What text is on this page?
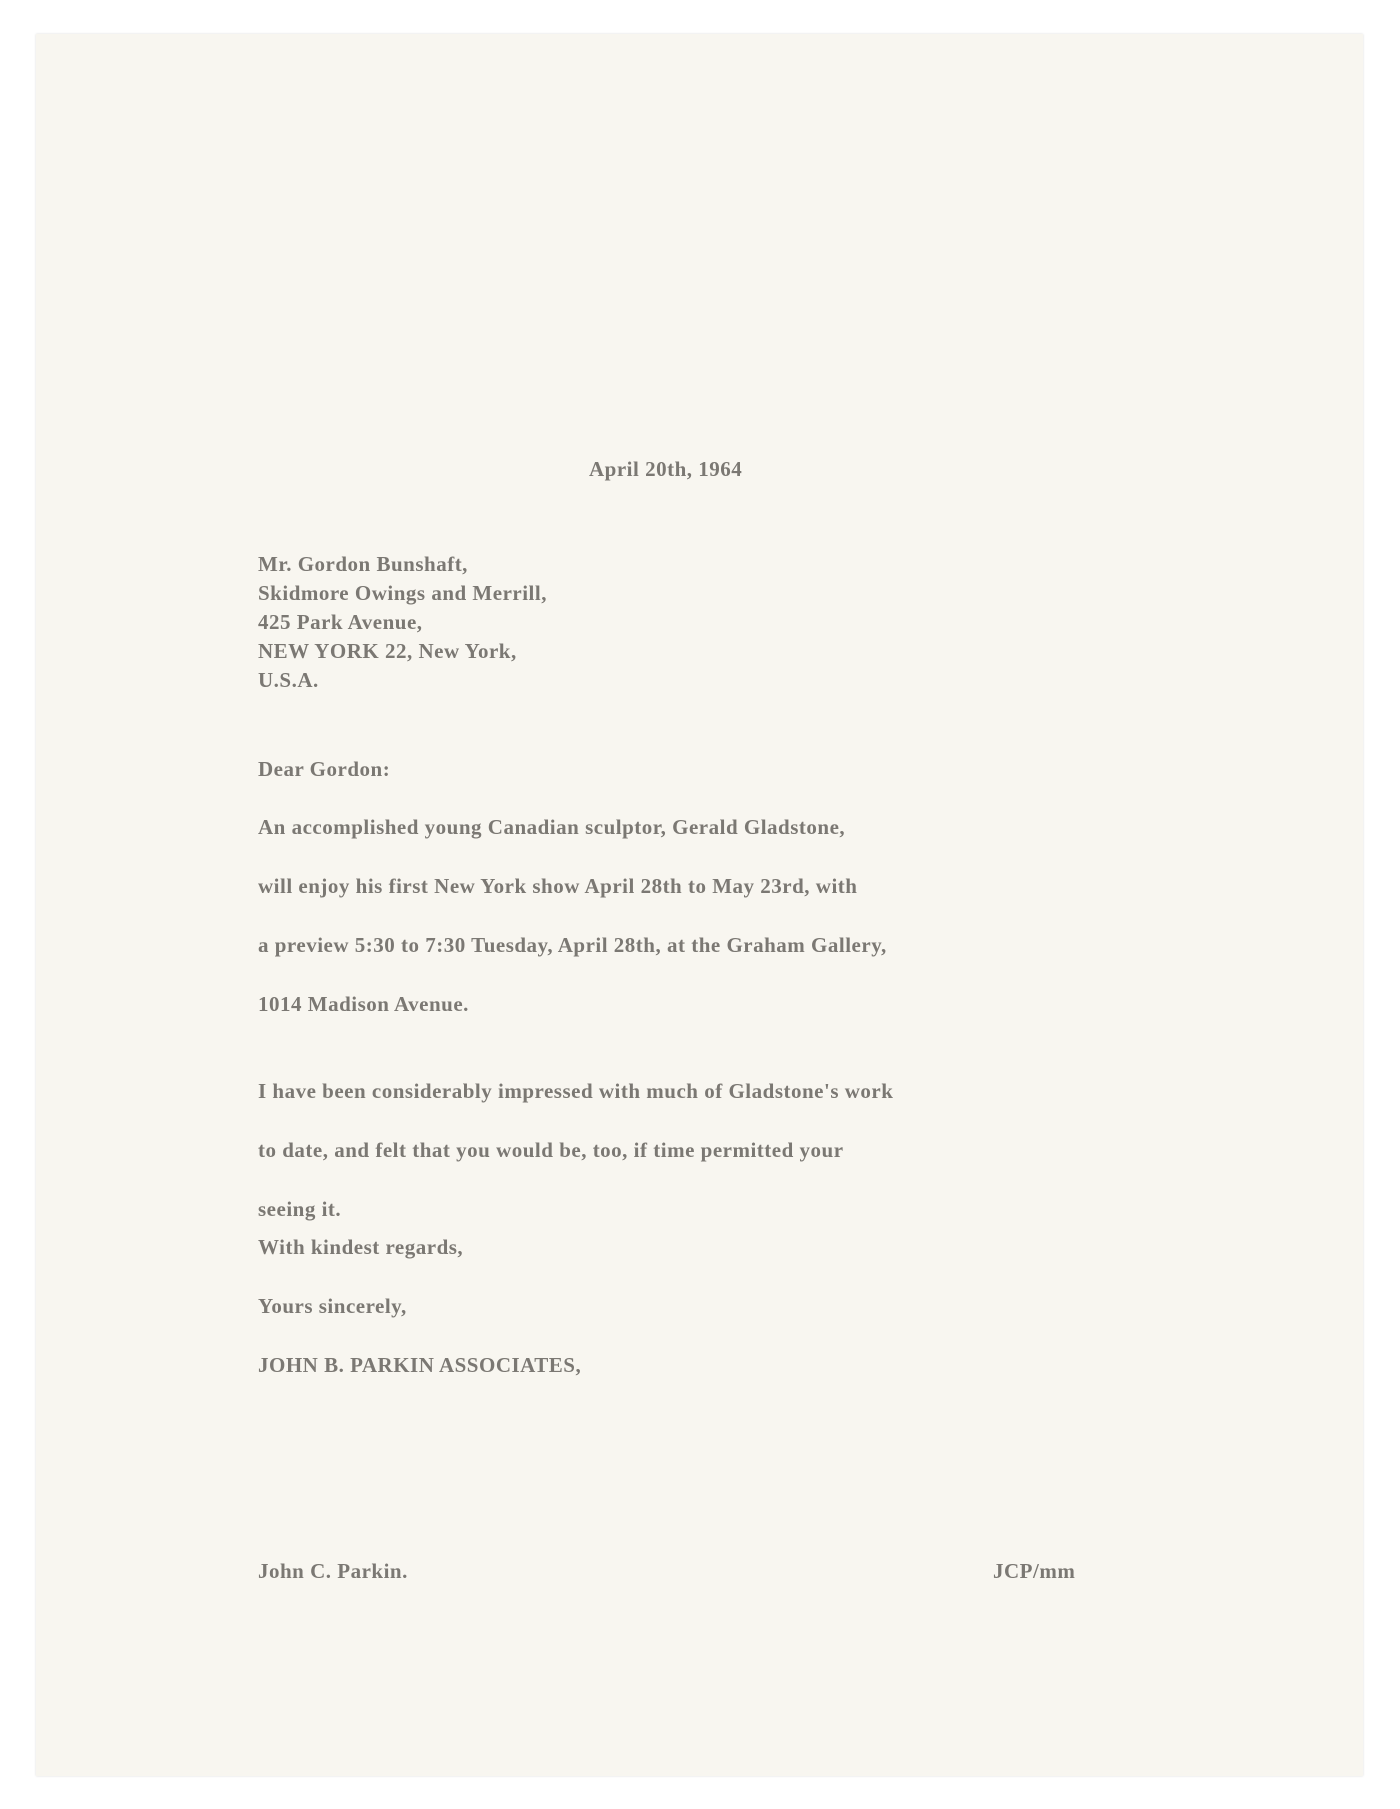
April 20th, 1964
Mr. Gordon Bunshaft,
Skidmore Owings and Merrill,
425 Park Avenue,
NEW YORK 22, New York,
U.S.A.
Dear Gordon:
An accomplished young Canadian sculptor, Gerald Gladstone,
will enjoy his first New York show April 28th to May 23rd, with
a preview 5:30 to 7:30 Tuesday, April 28th, at the Graham Gallery,
1014 Madison Avenue.
I have been considerably impressed with much of Gladstone's work
to date, and felt that you would be, too, if time permitted your
seeing it.
With kindest regards,
Yours sincerely,
JOHN B. PARKIN ASSOCIATES,
John C. Parkin.	JCP/mm
